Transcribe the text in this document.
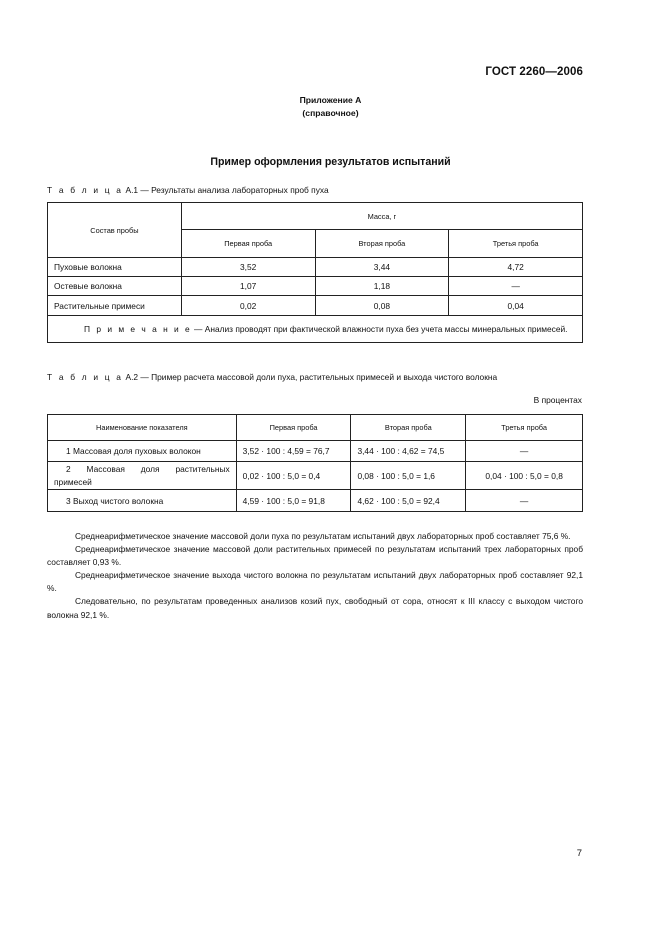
ГОСТ 2260—2006
Приложение А
(справочное)
Пример оформления результатов испытаний
Т а б л и ц а А.1 — Результаты анализа лабораторных проб пуха
Состав пробы	Масса, г		
	Первая проба	Вторая проба	Третья проба
Пуховые волокна	3,52	3,44	4,72
Остевые волокна	1,07	1,18	—
Растительные примеси	0,02	0,08	0,04
П р и м е ч а н и е — Анализ проводят при фактической влажности пуха без учета массы минеральных примесей.			
Т а б л и ц а А.2 — Пример расчета массовой доли пуха, растительных примесей и выхода чистого волокна
В процентах
Наименование показателя	Первая проба	Вторая проба	Третья проба
1 Массовая доля пуховых волокон	3,52 · 100 : 4,59 = 76,7	3,44 · 100 : 4,62 = 74,5	—

2 Массовая доля растительных
примесей	0,02 · 100 : 5,0 = 0,4	0,08 · 100 : 5,0 = 1,6	0,04 · 100 : 5,0 = 0,8
3 Выход чистого волокна	4,59 · 100 : 5,0 = 91,8	4,62 · 100 : 5,0 = 92,4	—

Среднеарифметическое значение массовой доли пуха по результатам испытаний двух лабораторных проб составляет 75,6 %.

Среднеарифметическое значение массовой доли растительных примесей по результатам испытаний трех лабораторных проб составляет 0,93 %.

Среднеарифметическое значение выхода чистого волокна по результатам испытаний двух лабораторных проб составляет 92,1 %.

Следовательно, по результатам проведенных анализов козий пух, свободный от сора, относят к III классу с выходом чистого волокна 92,1 %.

7
